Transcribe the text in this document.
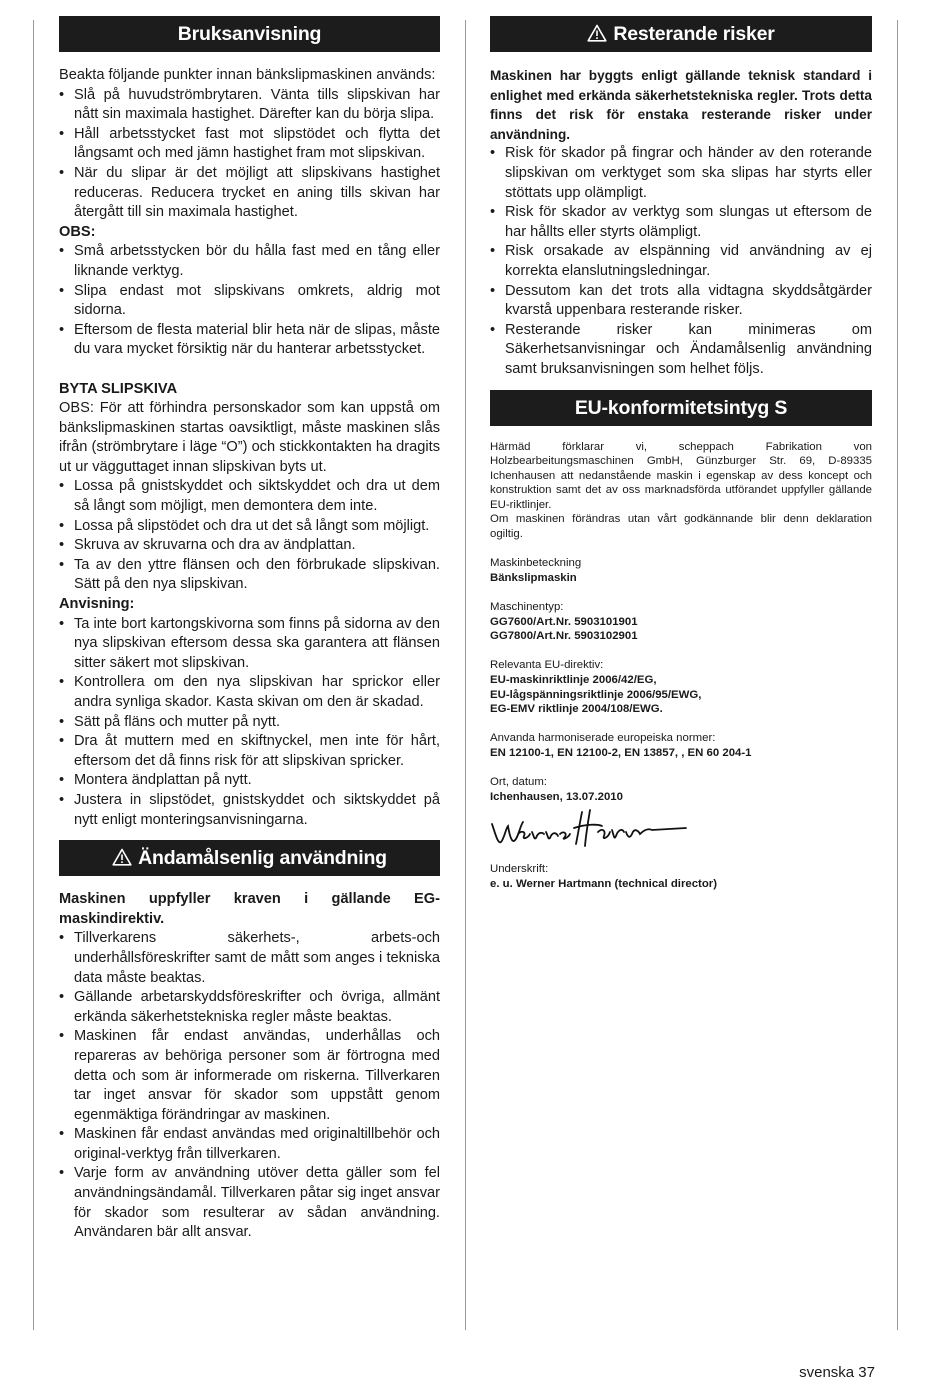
Bruksanvisning

Beakta följande punkter innan bänkslipmaskinen används:

• Slå på huvudströmbrytaren. Vänta tills slipskivan har nått sin maximala hastighet. Därefter kan du börja slipa.
• Håll arbetsstycket fast mot slipstödet och flytta det långsamt och med jämn hastighet fram mot slipskivan.
• När du slipar är det möjligt att slipskivans hastighet reduceras. Reducera trycket en aning tills skivan har återgått till sin maximala hastighet.

OBS:

• Små arbetsstycken bör du hålla fast med en tång eller liknande verktyg.
• Slipa endast mot slipskivans omkrets, aldrig mot sidorna.
• Eftersom de flesta material blir heta när de slipas, måste du vara mycket försiktig när du hanterar arbetsstycket.

BYTA SLIPSKIVA

OBS: För att förhindra personskador som kan uppstå om bänkslipmaskinen startas oavsiktligt, måste maskinen slås ifrån (strömbrytare i läge “O”) och stickkontakten ha dragits ut ur vägguttaget innan slipskivan byts ut.

• Lossa på gnistskyddet och siktskyddet och dra ut dem så långt som möjligt, men demontera dem inte.
• Lossa på slipstödet och dra ut det så långt som möjligt.
• Skruva av skruvarna och dra av ändplattan.
• Ta av den yttre flänsen och den förbrukade slipskivan. Sätt på den nya slipskivan.

Anvisning:

• Ta inte bort kartongskivorna som finns på sidorna av den nya slipskivan eftersom dessa ska garantera att flänsen sitter säkert mot slipskivan.
• Kontrollera om den nya slipskivan har sprickor eller andra synliga skador. Kasta skivan om den är skadad.
• Sätt på fläns och mutter på nytt.
• Dra åt muttern med en skiftnyckel, men inte för hårt, eftersom det då finns risk för att slipskivan spricker.
• Montera ändplattan på nytt.
• Justera in slipstödet, gnistskyddet och siktskyddet på nytt enligt monteringsanvisningarna.
Ändamålsenlig användning

Maskinen uppfyller kraven i gällande EG-maskindirektiv.

• Tillverkarens säkerhets-, arbets-och underhållsföreskrifter samt de mått som anges i tekniska data måste beaktas.
• Gällande arbetarskyddsföreskrifter och övriga, allmänt erkända säkerhetstekniska regler måste beaktas.
• Maskinen får endast användas, underhållas och repareras av behöriga personer som är förtrogna med detta och som är informerade om riskerna. Tillverkaren tar inget ansvar för skador som uppstått genom egenmäktiga förändringar av maskinen.
• Maskinen får endast användas med originaltillbehör och original-verktyg från tillverkaren.
• Varje form av användning utöver detta gäller som fel användningsändamål. Tillverkaren påtar sig inget ansvar för skador som resulterar av sådan användning. Användaren bär allt ansvar.
Resterande risker

Maskinen har byggts enligt gällande teknisk standard i enlighet med erkända säkerhetstekniska regler. Trots detta finns det risk för enstaka resterande risker under användning.

• Risk för skador på fingrar och händer av den roterande slipskivan om verktyget som ska slipas har styrts eller stöttats upp olämpligt.
• Risk för skador av verktyg som slungas ut eftersom de har hållts eller styrts olämpligt.
• Risk orsakade av elspänning vid användning av ej korrekta elanslutningsledningar.
• Dessutom kan det trots alla vidtagna skyddsåtgärder kvarstå uppenbara resterande risker.
• Resterande risker kan minimeras om Säkerhetsanvisningar och Ändamålsenlig användning samt bruksanvisningen som helhet följs.
EU-konformitetsintyg S

Härmäd förklarar vi, scheppach Fabrikation von Holzbearbeitungsmaschinen GmbH, Günzburger Str. 69, D-89335 Ichenhausen att nedanstående maskin i egenskap av dess koncept och konstruktion samt det av oss marknadsförda utförandet uppfyller gällande EU-riktlinjer.

Om maskinen förändras utan vårt godkännande blir denn deklaration ogiltig.

Maskinbeteckning

Bänkslipmaskin

Maschinentyp:

GG7600/Art.Nr. 5903101901

GG7800/Art.Nr. 5903102901

Relevanta EU-direktiv:

EU-maskinriktlinje 2006/42/EG,

EU-lågspänningsriktlinje 2006/95/EWG,

EG-EMV riktlinje 2004/108/EWG.

Anvanda harmoniserade europeiska normer:

EN 12100-1, EN 12100-2, EN 13857, , EN 60 204-1

Ort, datum:

Ichenhausen, 13.07.2010

Underskrift:

e. u. Werner Hartmann (technical director)

svenska 37
